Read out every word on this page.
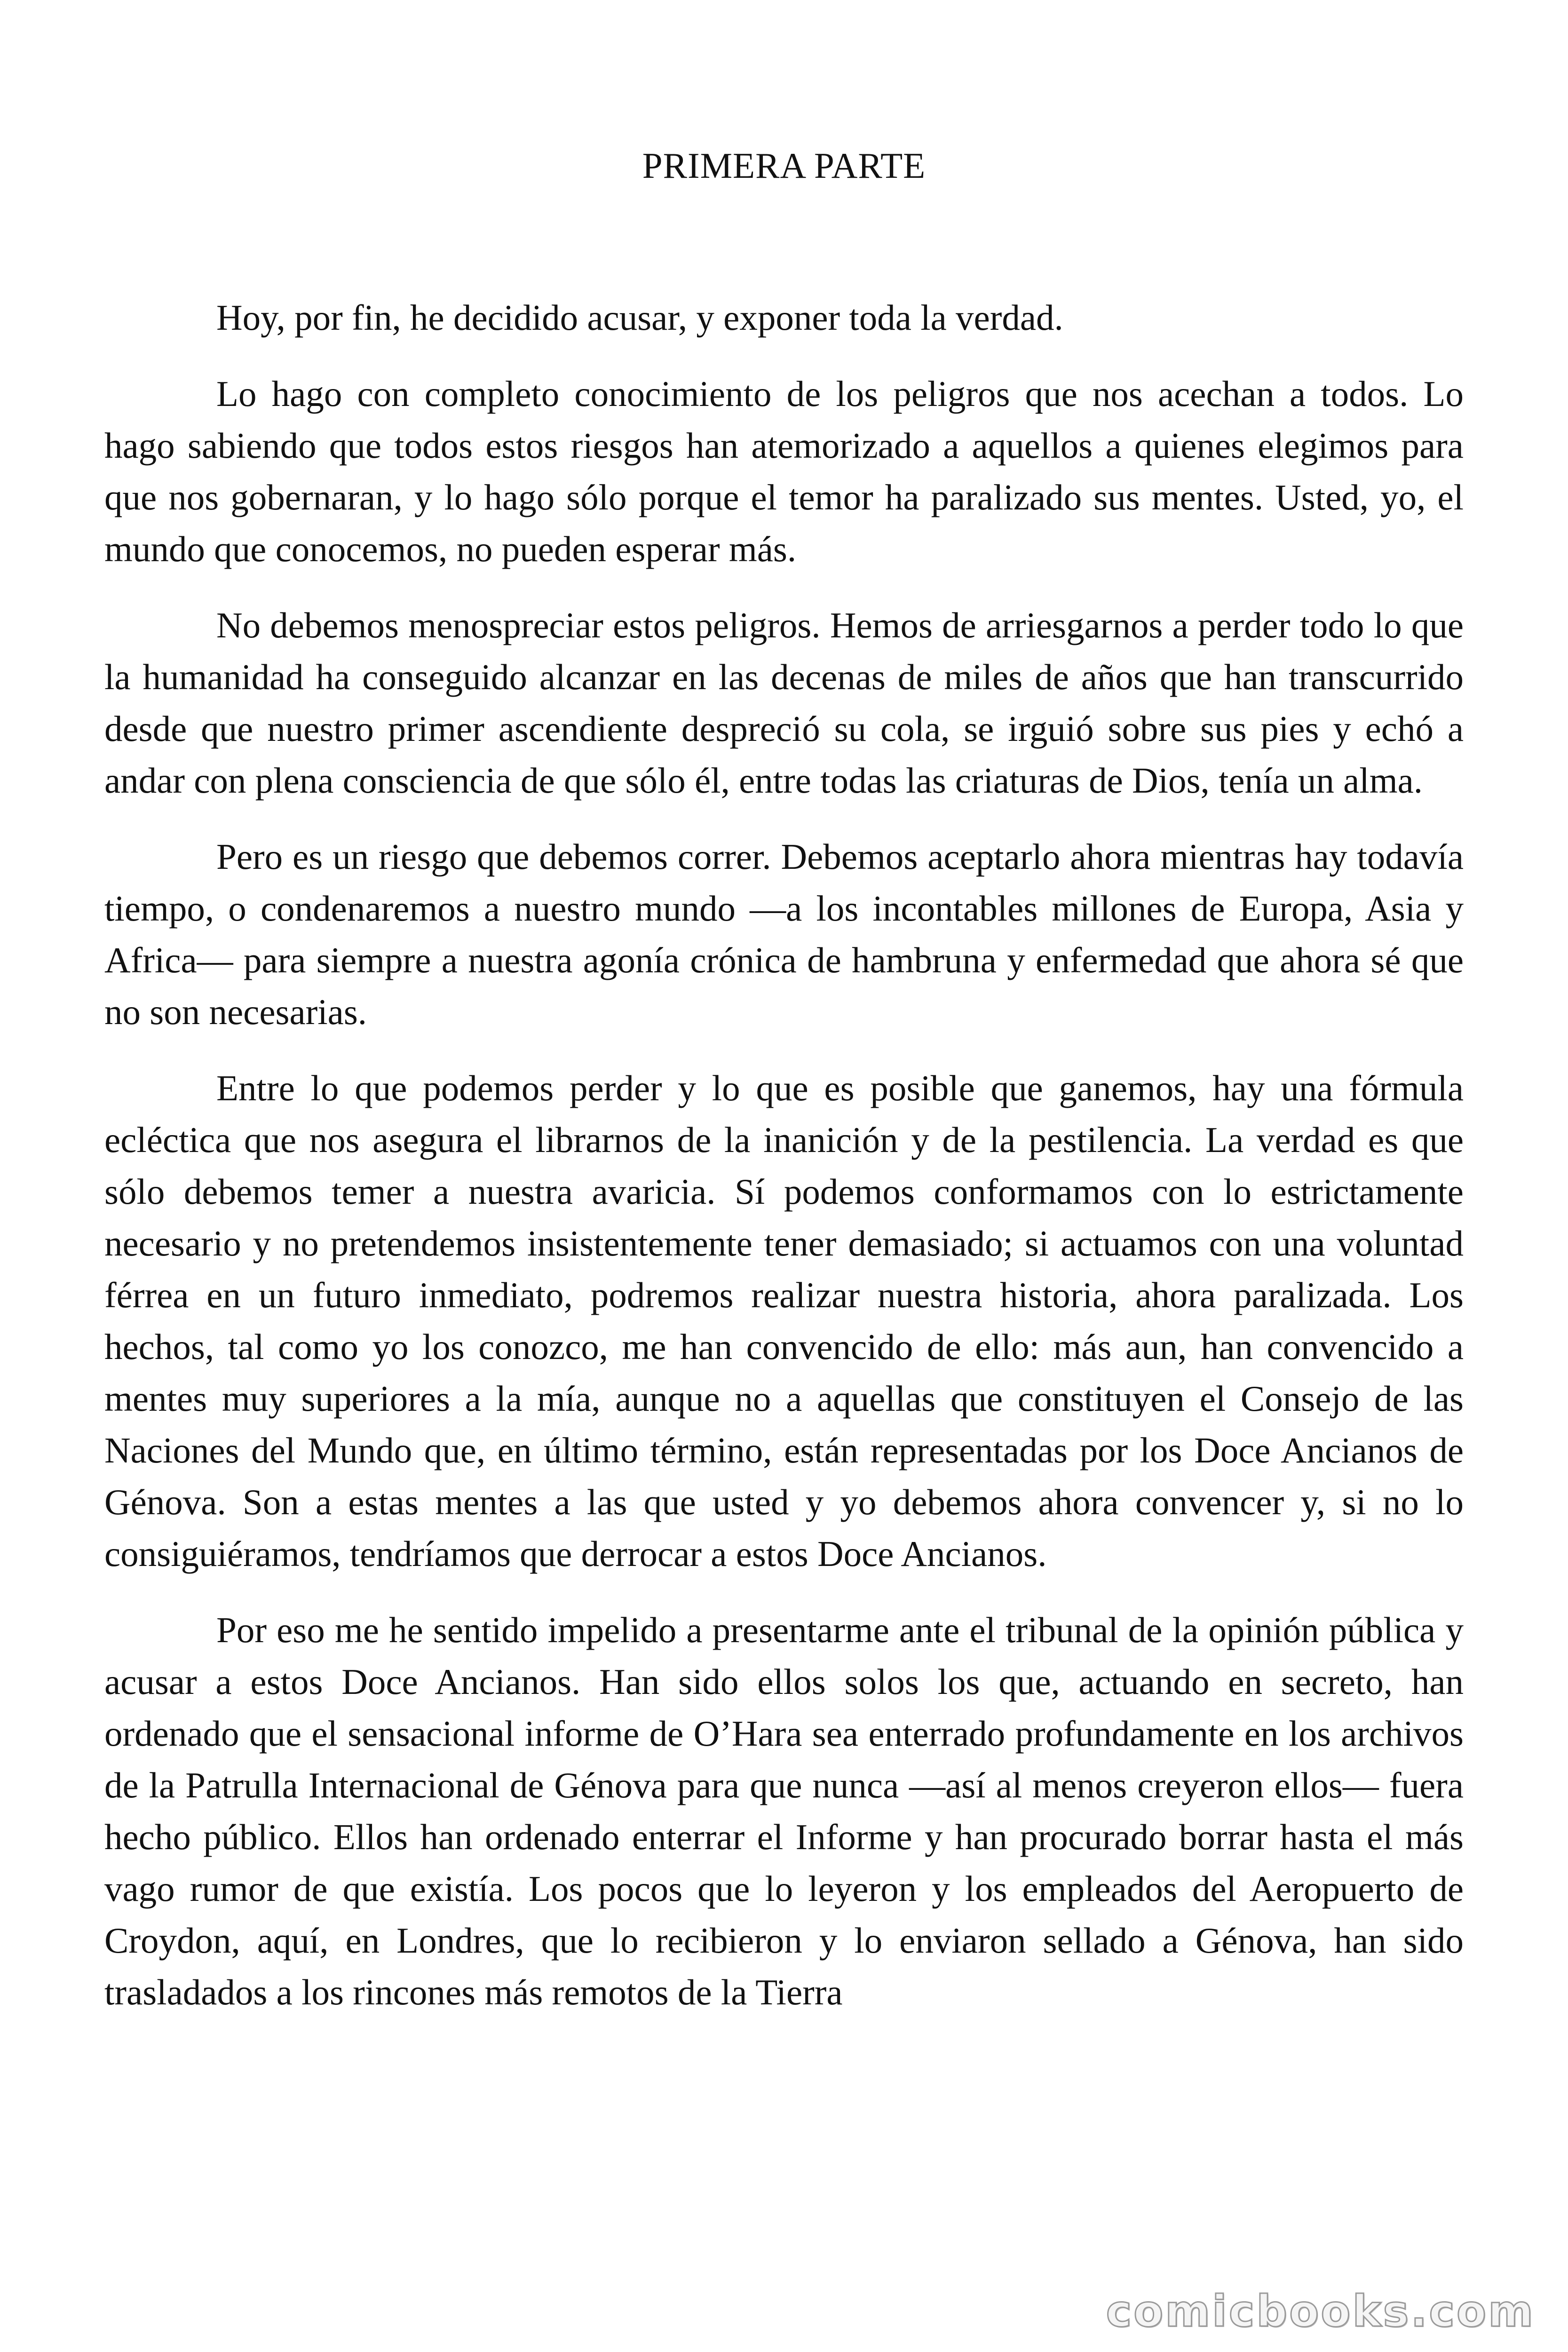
PRIMERA PARTE

Hoy, por fin, he decidido acusar, y exponer toda la verdad.

Lo hago con completo conocimiento de los peligros que nos acechan a todos. Lo hago sabiendo que todos estos riesgos han atemorizado a aquellos a quienes elegimos para que nos gobernaran, y lo hago sólo porque el temor ha paralizado sus mentes. Usted, yo, el mundo que conocemos, no pueden esperar más.

No debemos menospreciar estos peligros. Hemos de arriesgarnos a perder todo lo que la humanidad ha conseguido alcanzar en las decenas de miles de años que han transcurrido desde que nuestro primer ascendiente despreció su cola, se irguió sobre sus pies y echó a andar con plena consciencia de que sólo él, entre todas las criaturas de Dios, tenía un alma.

Pero es un riesgo que debemos correr. Debemos aceptarlo ahora mientras hay todavía tiempo, o condenaremos a nuestro mundo —a los incontables millones de Europa, Asia y Africa— para siempre a nuestra agonía crónica de hambruna y enfermedad que ahora sé que no son necesarias.

Entre lo que podemos perder y lo que es posible que ganemos, hay una fórmula ecléctica que nos asegura el librarnos de la inanición y de la pestilencia. La verdad es que sólo debemos temer a nuestra avaricia. Sí podemos conformamos con lo estrictamente necesario y no pretendemos insistentemente tener demasiado; si actuamos con una voluntad férrea en un futuro inmediato, podremos realizar nuestra historia, ahora paralizada. Los hechos, tal como yo los conozco, me han convencido de ello: más aun, han convencido a mentes muy superiores a la mía, aunque no a aquellas que constituyen el Consejo de las Naciones del Mundo que, en último término, están representadas por los Doce Ancianos de Génova. Son a estas mentes a las que usted y yo debemos ahora convencer y, si no lo consiguiéramos, tendríamos que derrocar a estos Doce Ancianos.

Por eso me he sentido impelido a presentarme ante el tribunal de la opinión pública y acusar a estos Doce Ancianos. Han sido ellos solos los que, actuando en secreto, han ordenado que el sensacional informe de O’Hara sea enterrado profundamente en los archivos de la Patrulla Internacional de Génova para que nunca —así al menos creyeron ellos— fuera hecho público. Ellos han ordenado enterrar el Informe y han procurado borrar hasta el más vago rumor de que existía. Los pocos que lo leyeron y los empleados del Aeropuerto de Croydon, aquí, en Londres, que lo recibieron y lo enviaron sellado a Génova, han sido trasladados a los rincones más remotos de la Tierra

comicbooks.com
